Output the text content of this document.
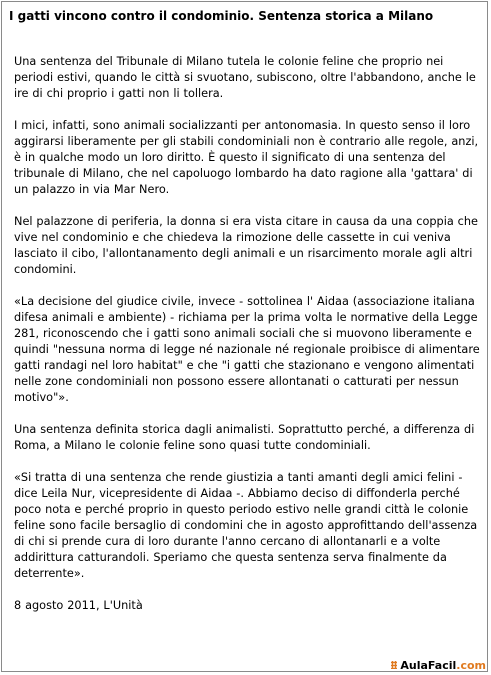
I gatti vincono contro il condominio. Sentenza storica a Milano

Una sentenza del Tribunale di Milano tutela le colonie feline che proprio nei periodi estivi, quando le città si svuotano, subiscono, oltre l'abbandono, anche le ire di chi proprio i gatti non li tollera.

I mici, infatti, sono animali socializzanti per antonomasia. In questo senso il loro aggirarsi liberamente per gli stabili condominiali non è contrario alle regole, anzi, è in qualche modo un loro diritto. È questo il significato di una sentenza del tribunale di Milano, che nel capoluogo lombardo ha dato ragione alla 'gattara' di un palazzo in via Mar Nero.

Nel palazzone di periferia, la donna si era vista citare in causa da una coppia che vive nel condominio e che chiedeva la rimozione delle cassette in cui veniva lasciato il cibo, l'allontanamento degli animali e un risarcimento morale agli altri condomini.

«La decisione del giudice civile, invece - sottolinea l' Aidaa (associazione italiana difesa animali e ambiente) - richiama per la prima volta le normative della Legge 281, riconoscendo che i gatti sono animali sociali che si muovono liberamente e quindi "nessuna norma di legge né nazionale né regionale proibisce di alimentare gatti randagi nel loro habitat" e che "i gatti che stazionano e vengono alimentati nelle zone condominiali non possono essere allontanati o catturati per nessun motivo"».

Una sentenza definita storica dagli animalisti. Soprattutto perché, a differenza di Roma, a Milano le colonie feline sono quasi tutte condominiali.

«Si tratta di una sentenza che rende giustizia a tanti amanti degli amici felini - dice Leila Nur, vicepresidente di Aidaa -. Abbiamo deciso di diffonderla perché poco nota e perché proprio in questo periodo estivo nelle grandi città le colonie feline sono facile bersaglio di condomini che in agosto approfittando dell'assenza di chi si prende cura di loro durante l'anno cercano di allontanarli e a volte addirittura catturandoli. Speriamo che questa sentenza serva finalmente da deterrente».

8 agosto 2011, L'Unità

AulaFacil.com
